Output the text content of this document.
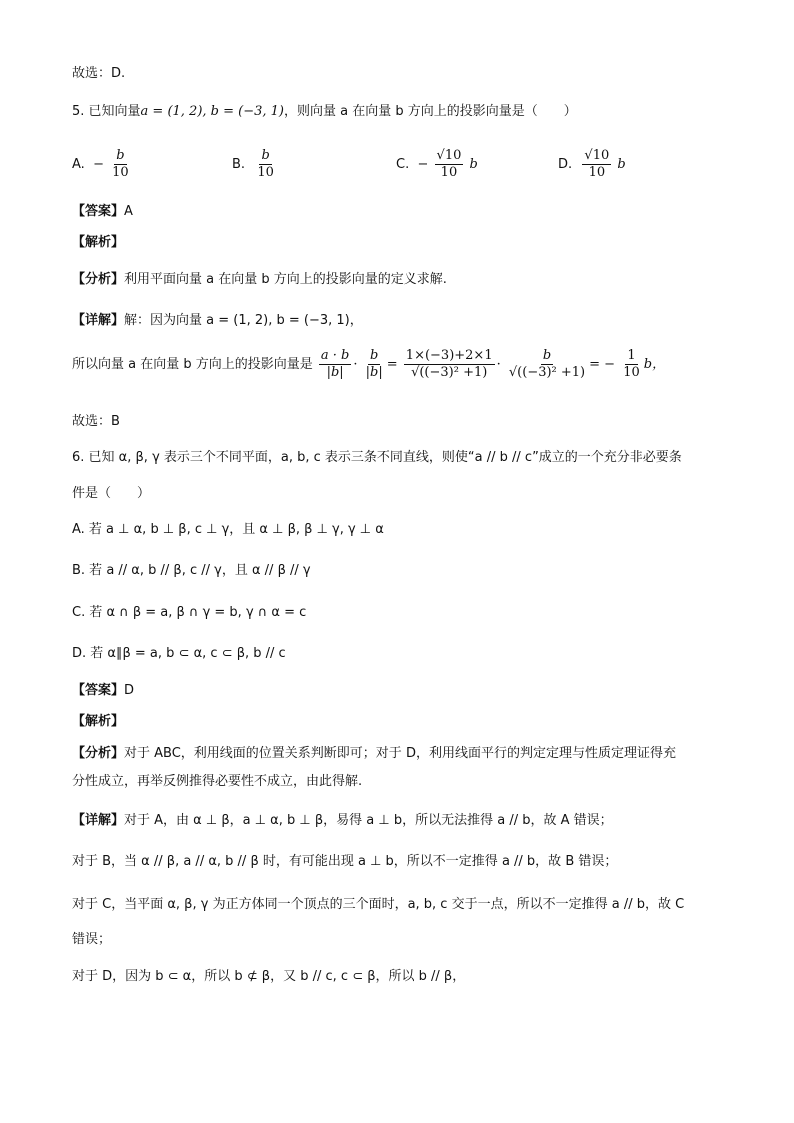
故选：D.
5. 已知向量a = (1, 2), b = (−3, 1)，则向量 a 在向量 b 方向上的投影向量是（　　）
A. − $\frac{b}{10}$	B. $\frac{b}{10}$	C. − $\frac{√10}{10}$ b	D. $\frac{√10}{10}$ b
【答案】A
【解析】
【分析】利用平面向量 a 在向量 b 方向上的投影向量的定义求解.
【详解】解：因为向量 a = (1, 2), b = (−3, 1)，
所以向量 a 在向量 b 方向上的投影向量是 $\frac{a \cdot b}{|b|} \cdot \frac{b}{|b|} = \frac{1\times(-3)+2\times 1}{\text{√((−3)² +1)}} \cdot \frac{b}{\text{√((−3)² +1)}}$ = − $\frac{1}{10}$ b，
故选：B
6. 已知 α, β, γ 表示三个不同平面，a, b, c 表示三条不同直线，则使“a // b // c”成立的一个充分非必要条
件是（　　）
A. 若 a ⊥ α, b ⊥ β, c ⊥ γ，且 α ⊥ β, β ⊥ γ, γ ⊥ α
B. 若 a // α, b // β, c // γ，且 α // β // γ
C. 若 α ∩ β = a, β ∩ γ = b, γ ∩ α = c
D. 若 α∥β = a, b ⊂ α, c ⊂ β, b // c
【答案】D
【解析】
【分析】对于 ABC，利用线面的位置关系判断即可；对于 D，利用线面平行的判定定理与性质定理证得充
分性成立，再举反例推得必要性不成立，由此得解.
【详解】对于 A，由 α ⊥ β，a ⊥ α, b ⊥ β，易得 a ⊥ b，所以无法推得 a // b，故 A 错误；
对于 B，当 α // β, a // α, b // β 时，有可能出现 a ⊥ b，所以不一定推得 a // b，故 B 错误；
对于 C，当平面 α, β, γ 为正方体同一个顶点的三个面时，a, b, c 交于一点，所以不一定推得 a // b，故 C
错误；
对于 D，因为 b ⊂ α，所以 b ⊄ β，又 b // c, c ⊂ β，所以 b // β，
